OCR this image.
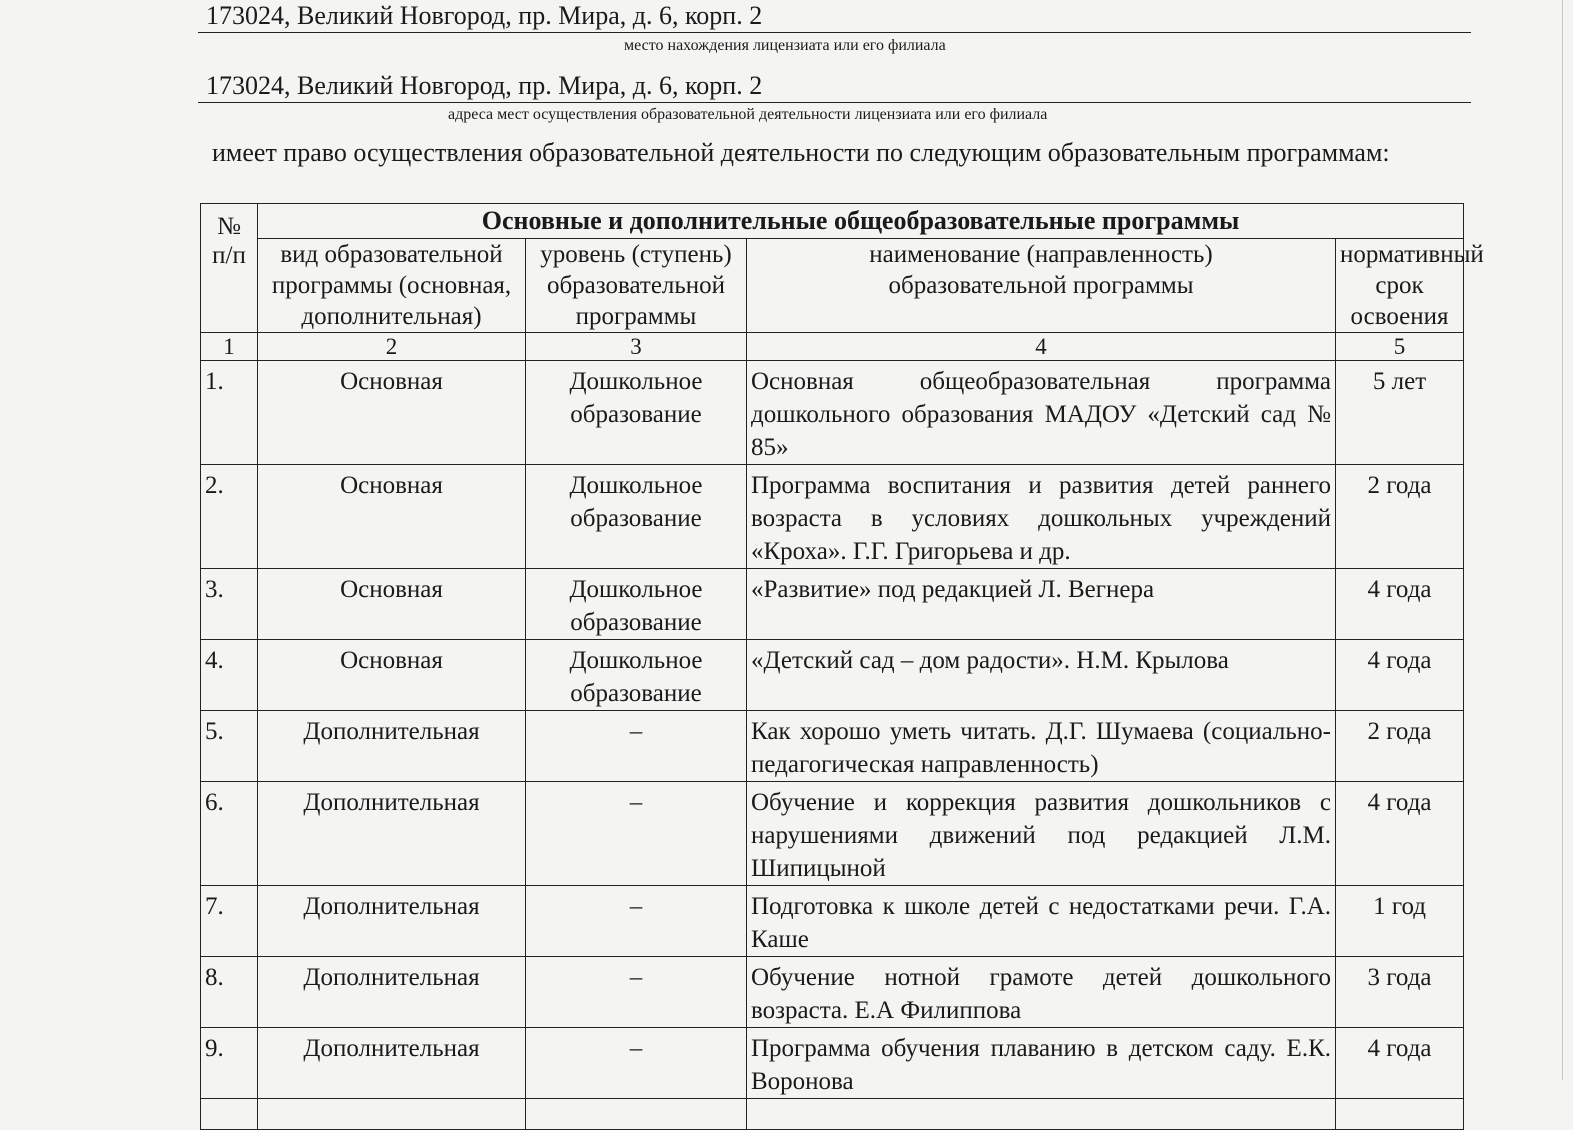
173024, Великий Новгород, пр. Мира, д. 6, корп. 2
место нахождения лицензиата или его филиала
173024, Великий Новгород, пр. Мира, д. 6, корп. 2
адреса мест осуществления образовательной деятельности лицензиата или его филиала
имеет право осуществления образовательной деятельности по следующим образовательным программам:
№ п/п	Основные и дополнительные общеобразовательные программы			
	вид образовательной программы (основная, дополнительная)	уровень (ступень) образовательной программы	наименование (направленность) образовательной программы	нормативный срок освоения
1	2	3	4	5
1.	Основная	Дошкольное образование	Основная общеобразовательная программа дошкольного образования МАДОУ «Детский сад № 85»	5 лет
2.	Основная	Дошкольное образование	Программа воспитания и развития детей раннего возраста в условиях дошкольных учреждений «Кроха». Г.Г. Григорьева и др.	2 года
3.	Основная	Дошкольное образование	«Развитие» под редакцией Л. Вегнера	4 года
4.	Основная	Дошкольное образование	«Детский сад – дом радости». Н.М. Крылова	4 года
5.	Дополнительная	–	Как хорошо уметь читать. Д.Г. Шумаева (социально-педагогическая направленность)	2 года
6.	Дополнительная	–	Обучение и коррекция развития дошкольников с нарушениями движений под редакцией Л.М. Шипицыной	4 года
7.	Дополнительная	–	Подготовка к школе детей с недостатками речи. Г.А. Каше	1 год
8.	Дополнительная	–	Обучение нотной грамоте детей дошкольного возраста. Е.А Филиппова	3 года
9.	Дополнительная	–	Программа обучения плаванию в детском саду. Е.К. Воронова	4 года
